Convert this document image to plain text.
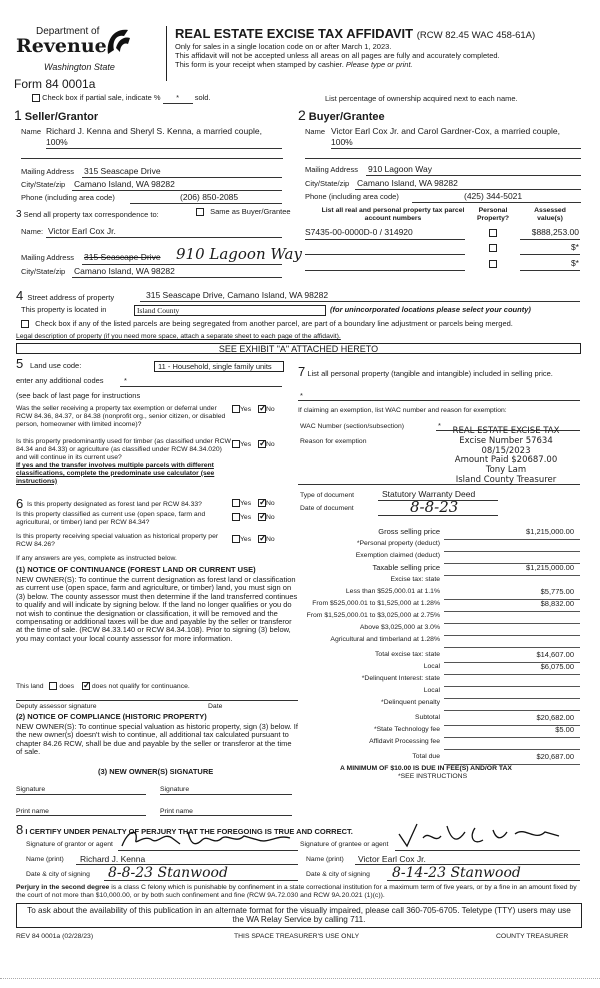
Department of
Revenue
Washington State
Form 84 0001a
REAL ESTATE EXCISE TAX AFFIDAVIT (RCW 82.45 WAC 458-61A)
Only for sales in a single location code on or after March 1, 2023.
This affidavit will not be accepted unless all areas on all pages are fully and accurately completed.
This form is your receipt when stamped by cashier. Please type or print.
Check box if partial sale, indicate % * sold.	List percentage of ownership acquired next to each name.
1 Seller/Grantor	2 Buyer/Grantee
Name Richard J. Kenna and Sheryl S. Kenna, a married couple,
100%
Name Victor Earl Cox Jr. and Carol Gardner-Cox, a married couple,
100%
Mailing Address 315 Seascape Drive
City/State/zip Camano Island, WA 98282
Phone (including area code)	(206) 850-2085
Mailing Address 910 Lagoon Way
City/State/zip Camano Island, WA 98282
Phone (including area code)	(425) 344-5021
3 Send all property tax correspondence to:	Same as Buyer/Grantee
Name: Victor Earl Cox Jr.
Mailing Address 315 Seascape Drive 910 Lagoon Way
City/State/zip Camano Island, WA 98282
List all real and personal property tax parcel account numbers
Personal Property?
Assessed value(s)
S7435-00-0000D-0 / 314920	$888,253.00
$*
$*
4 Street address of property	315 Seascape Drive, Camano Island, WA 98282
This property is located in	Island County	(for unincorporated locations please select your county)
Check box if any of the listed parcels are being segregated from another parcel, are part of a boundary line adjustment or parcels being merged.
Legal description of property (if you need more space, attach a separate sheet to each page of the affidavit).
SEE EXHIBIT "A" ATTACHED HERETO
5 Land use code:	11 - Household, single family units
enter any additional codes	*
(see back of last page for instructions
Was the seller receiving a property tax exemption or deferral under RCW 84.36, 84.37, or 84.38 (nonprofit org., senior citizen, or disabled person, homeowner with limited income)?
Yes ✓ No
Is this property predominantly used for timber (as classified under RCW 84.34 and 84.33) or agriculture (as classified under RCW 84.34.020) and will continue in its current use?
If yes and the transfer involves multiple parcels with different classifications, complete the predominate use calculator (see instructions)
Yes ✓ No
6 Is this property designated as forest land per RCW 84.33?	Yes ✓ No
Is this property classified as current use (open space, farm and agricultural, or timber) land per RCW 84.34?
Yes ✓ No
Is this property receiving special valuation as historical property per RCW 84.26?
Yes ✓ No
If any answers are yes, complete as instructed below.
(1) NOTICE OF CONTINUANCE (FOREST LAND OR CURRENT USE)
NEW OWNER(S): To continue the current designation as forest land or classification as current use (open space, farm and agriculture, or timber) land, you must sign on (3) below. The county assessor must then determine if the land transferred continues to qualify and will indicate by signing below. If the land no longer qualifies or you do not wish to continue the designation or classification, it will be removed and the compensating or additional taxes will be due and payable by the seller or transferor at the time of sale. (RCW 84.33.140 or RCW 84.34.108). Prior to signing (3) below, you may contact your local county assessor for more information.
This land does ✓	does not qualify for continuance.
Deputy assessor signature	Date
(2) NOTICE OF COMPLIANCE (HISTORIC PROPERTY)
NEW OWNER(S): To continue special valuation as historic property, sign (3) below. If the new owner(s) doesn't wish to continue, all additional tax calculated pursuant to chapter 84.26 RCW, shall be due and payable by the seller or transferor at the time of sale.
(3) NEW OWNER(S) SIGNATURE
Signature	Signature
Print name	Print name
7 List all personal property (tangible and intangible) included in selling price.
*
If claiming an exemption, list WAC number and reason for exemption:
WAC Number (section/subsection)	*
Reason for exemption
REAL ESTATE EXCISE TAX
Excise Number 57634
08/15/2023
Amount Paid $20687.00
Tony Lam
Island County Treasurer
Type of document	Statutory Warranty Deed
Date of document	8-8-23
Gross selling price	$1,215,000.00
*Personal property (deduct)
Exemption claimed (deduct)
Taxable selling price	$1,215,000.00
Excise tax: state
Less than $525,000.01 at 1.1%	$5,775.00
From $525,000.01 to $1,525,000 at 1.28%	$8,832.00
From $1,525,000.01 to $3,025,000 at 2.75%
Above $3,025,000 at 3.0%
Agricultural and timberland at 1.28%
Total excise tax: state	$14,607.00
Local	$6,075.00
*Delinquent Interest: state
Local
*Delinquent penalty
Subtotal	$20,682.00
*State Technology fee	$5.00
Affidavit Processing fee
Total due	$20,687.00
A MINIMUM OF $10.00 IS DUE IN FEE(S) AND/OR TAX
*SEE INSTRUCTIONS
8 I CERTIFY UNDER PENALTY OF PERJURY THAT THE FOREGOING IS TRUE AND CORRECT.
Signature of grantor or agent	Signature of grantee or agent
Name (print) Richard J. Kenna	Name (print) Victor Earl Cox Jr.
Date & city of signing 8-8-23 Stanwood	Date & city of signing 8-14-23 Stanwood
Perjury in the second degree is a class C felony which is punishable by confinement in a state correctional institution for a maximum term of five years, or by a fine in an amount fixed by the court of not more than $10,000.00, or by both such confinement and fine (RCW 9A.72.030 and RCW 9A.20.021 (1)(c)).
To ask about the availability of this publication in an alternate format for the visually impaired, please call 360-705-6705. Teletype (TTY) users may use the WA Relay Service by calling 711.
REV 84 0001a (02/28/23)	THIS SPACE TREASURER'S USE ONLY	COUNTY TREASURER
